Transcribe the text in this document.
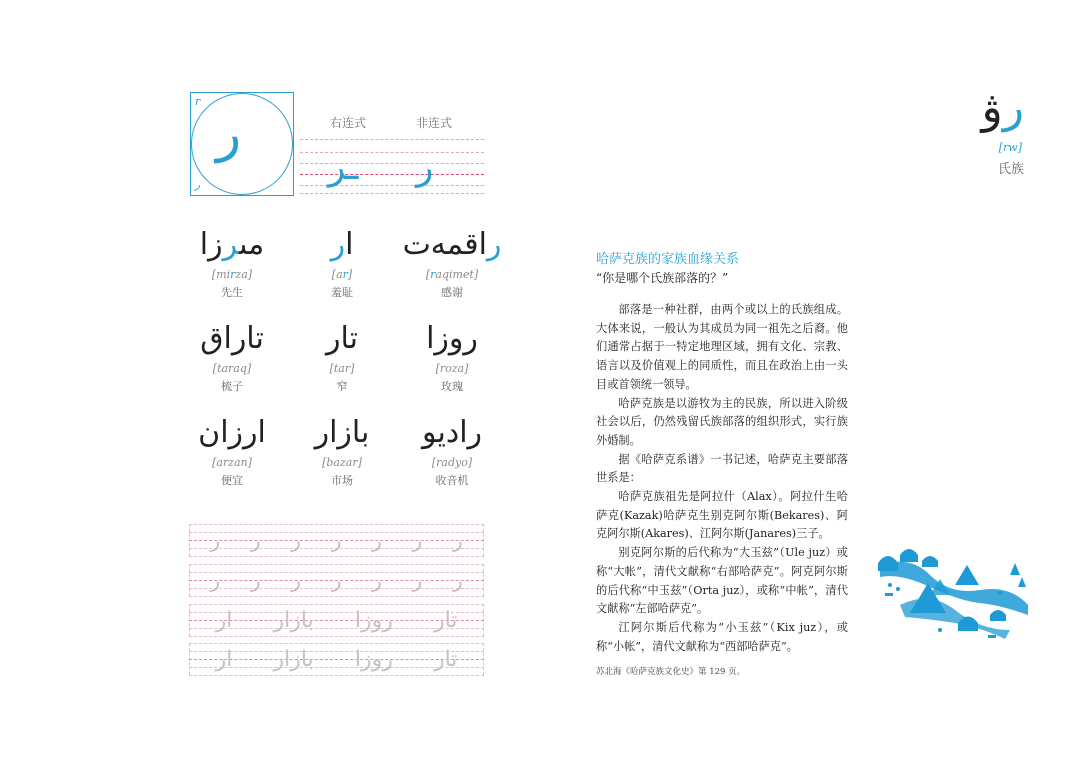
r
ر
ر	右连式	非连式
ـر ر
راقمەت
[raqimet]
感谢
ار
[ar]
羞耻
مىرزا
[mirza]
先生
روزا
[roza]
玫瑰
تار
[tar]
窄
تاراق
[taraq]
梳子
راديو
[radyo]
收音机
بازار
[bazar]
市场
ارزان
[arzan]
便宜
ر
ر
ر
ر
ر
ر
ر
ر
ر
ر
ر
ر
ر
ر
تار
روزا
بازار
ار
تار
روزا
بازار
ار
رۋ
[rw]
氏族
哈萨克族的家族血缘关系
“你是哪个氏族部落的？”

部落是一种社群，由两个或以上的氏族组成。大体来说，一般认为其成员为同一祖先之后裔。他们通常占据于一特定地理区域，拥有文化、宗教、语言以及价值观上的同质性，而且在政治上由一头目或首领统一领导。

哈萨克族是以游牧为主的民族，所以进入阶级社会以后，仍然残留氏族部落的组织形式，实行族外婚制。

据《哈萨克系谱》一书记述，哈萨克主要部落世系是：

哈萨克族祖先是阿拉什（Alax）。阿拉什生哈萨克(Kazak)哈萨克生别克阿尔斯(Bekares)、阿克阿尔斯(Akares)、江阿尔斯(Janares)三子。

别克阿尔斯的后代称为“大玉兹”（Ule juz）或称“大帐”，清代文献称“右部哈萨克”。阿克阿尔斯的后代称“中玉兹”（Orta juz），或称“中帐”，清代文献称“左部哈萨克”。

江阿尔斯后代称为“小玉兹”（Kix juz），或称“小帐”，清代文献称为“西部哈萨克”。

苏北海《哈萨克族文化史》第 129 页。
